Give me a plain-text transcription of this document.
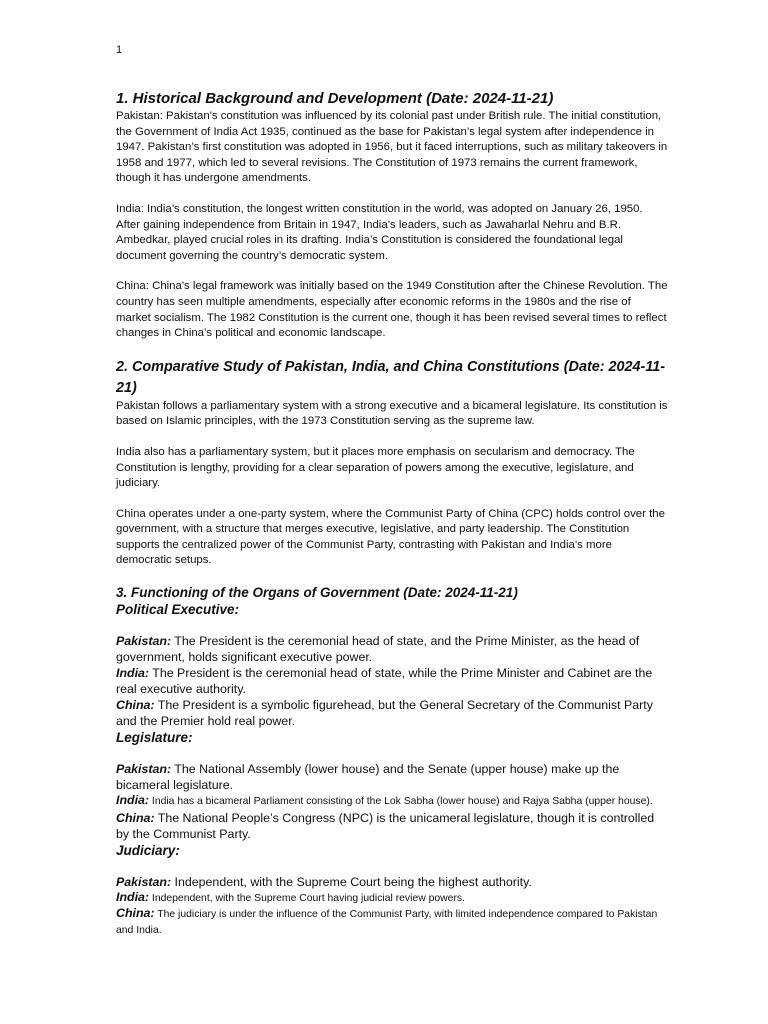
1
1. Historical Background and Development (Date: 2024-11-21)

Pakistan: Pakistan's constitution was influenced by its colonial past under British rule. The initial constitution, the Government of India Act 1935, continued as the base for Pakistan’s legal system after independence in 1947. Pakistan’s first constitution was adopted in 1956, but it faced interruptions, such as military takeovers in 1958 and 1977, which led to several revisions. The Constitution of 1973 remains the current framework, though it has undergone amendments.

India: India’s constitution, the longest written constitution in the world, was adopted on January 26, 1950. After gaining independence from Britain in 1947, India’s leaders, such as Jawaharlal Nehru and B.R. Ambedkar, played crucial roles in its drafting. India’s Constitution is considered the foundational legal document governing the country’s democratic system.

China: China's legal framework was initially based on the 1949 Constitution after the Chinese Revolution. The country has seen multiple amendments, especially after economic reforms in the 1980s and the rise of market socialism. The 1982 Constitution is the current one, though it has been revised several times to reflect changes in China’s political and economic landscape.

2. Comparative Study of Pakistan, India, and China Constitutions (Date: 2024-11-21)

Pakistan follows a parliamentary system with a strong executive and a bicameral legislature. Its constitution is based on Islamic principles, with the 1973 Constitution serving as the supreme law.

India also has a parliamentary system, but it places more emphasis on secularism and democracy. The Constitution is lengthy, providing for a clear separation of powers among the executive, legislature, and judiciary.

China operates under a one-party system, where the Communist Party of China (CPC) holds control over the government, with a structure that merges executive, legislative, and party leadership. The Constitution supports the centralized power of the Communist Party, contrasting with Pakistan and India’s more democratic setups.

3. Functioning of the Organs of Government (Date: 2024-11-21)
Political Executive:

Pakistan: The President is the ceremonial head of state, and the Prime Minister, as the head of government, holds significant executive power.

India: The President is the ceremonial head of state, while the Prime Minister and Cabinet are the real executive authority.

China: The President is a symbolic figurehead, but the General Secretary of the Communist Party and the Premier hold real power.

Legislature:

Pakistan: The National Assembly (lower house) and the Senate (upper house) make up the bicameral legislature.

India: India has a bicameral Parliament consisting of the Lok Sabha (lower house) and Rajya Sabha (upper house).

China: The National People’s Congress (NPC) is the unicameral legislature, though it is controlled by the Communist Party.

Judiciary:

Pakistan: Independent, with the Supreme Court being the highest authority.

India: Independent, with the Supreme Court having judicial review powers.

China: The judiciary is under the influence of the Communist Party, with limited independence compared to Pakistan and India.
